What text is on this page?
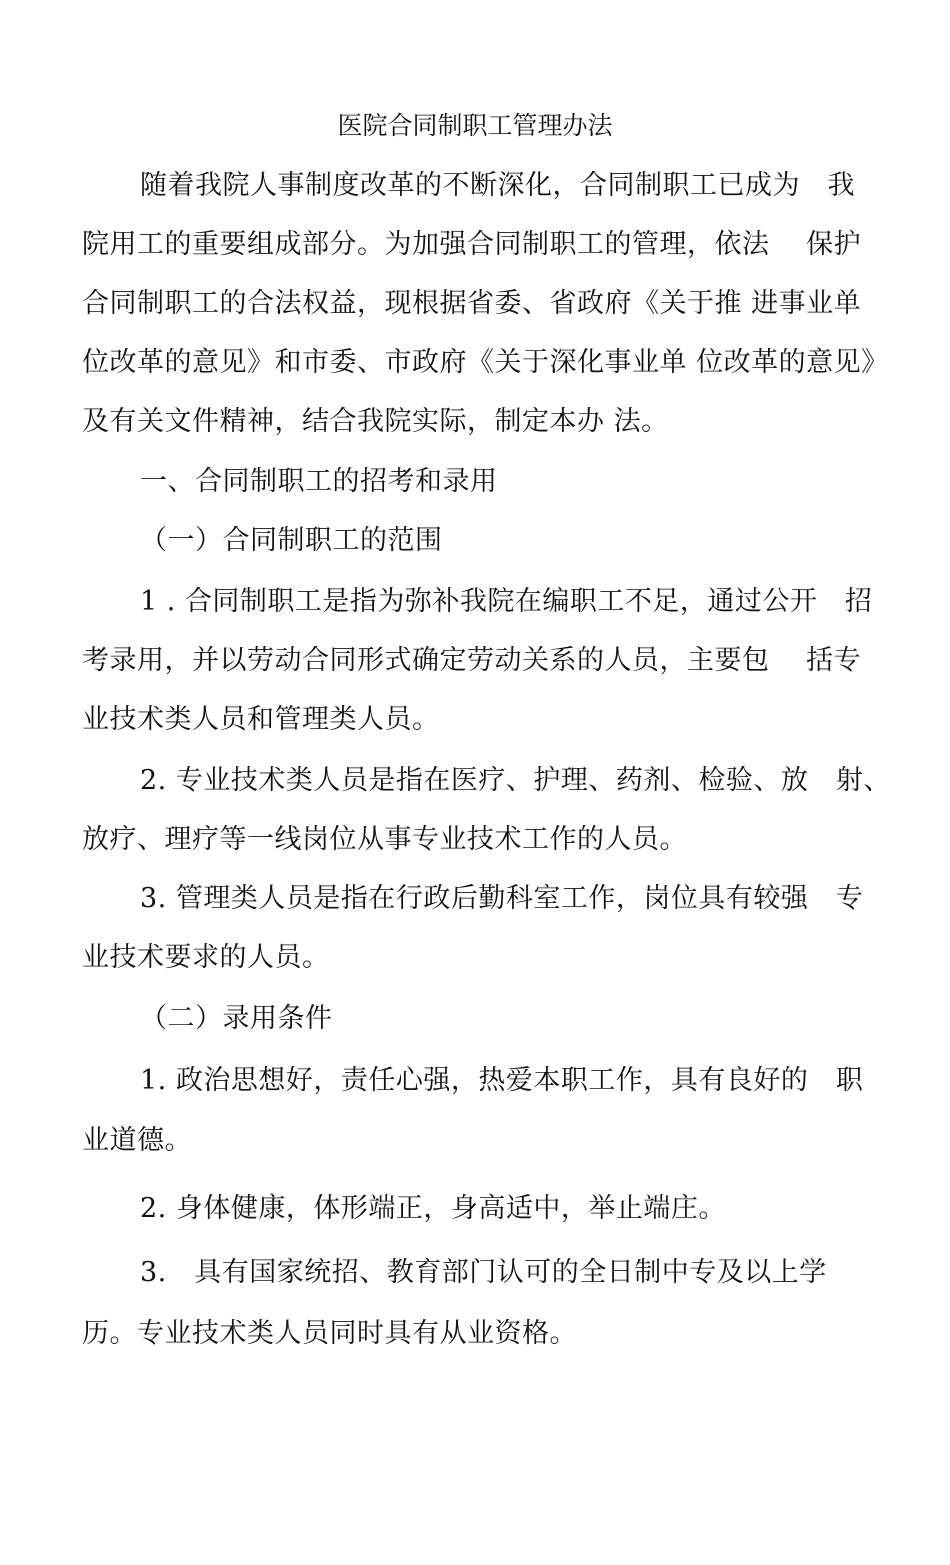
医院合同制职工管理办法
随着我院人事制度改革的不断深化，合同制职工已成为　我
院用工的重要组成部分。为加强合同制职工的管理，依法　 保护
合同制职工的合法权益，现根据省委、省政府《关于推 进事业单
位改革的意见》和市委、市政府《关于深化事业单 位改革的意见》
及有关文件精神，结合我院实际，制定本办 法。
一、合同制职工的招考和录用
（一）合同制职工的范围
1 . 合同制职工是指为弥补我院在编职工不足，通过公开　招
考录用，并以劳动合同形式确定劳动关系的人员，主要包　 括专
业技术类人员和管理类人员。
2. 专业技术类人员是指在医疗、护理、药剂、检验、放　射、
放疗、理疗等一线岗位从事专业技术工作的人员。
3. 管理类人员是指在行政后勤科室工作，岗位具有较强　专
业技术要求的人员。
（二）录用条件
1. 政治思想好，责任心强，热爱本职工作，具有良好的　职
业道德。
2. 身体健康，体形端正，身高适中，举止端庄。
3.　具有国家统招、教育部门认可的全日制中专及以上学
历。专业技术类人员同时具有从业资格。
